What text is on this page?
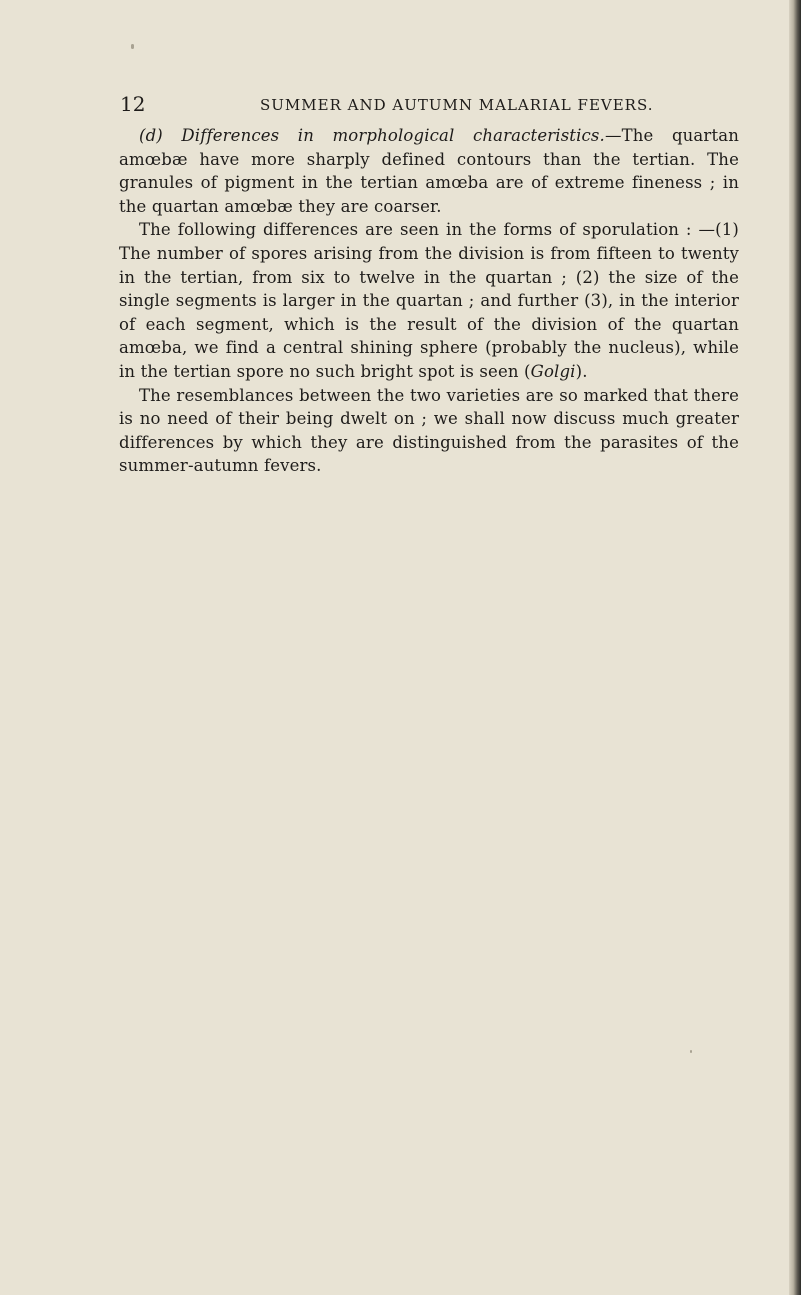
12	SUMMER AND AUTUMN MALARIAL FEVERS.

(d) Differences in morphological characteristics.—The quartan amœbæ have more sharply defined contours than the tertian. The granules of pigment in the tertian amœba are of extreme fineness ; in the quartan amœbæ they are coarser.

The following differences are seen in the forms of sporulation : —(1) The number of spores arising from the division is from fifteen to twenty in the tertian, from six to twelve in the quartan ; (2) the size of the single segments is larger in the quartan ; and further (3), in the interior of each segment, which is the result of the division of the quartan amœba, we find a central shining sphere (probably the nucleus), while in the tertian spore no such bright spot is seen (Golgi).

The resemblances between the two varieties are so marked that there is no need of their being dwelt on ; we shall now discuss much greater differences by which they are distinguished from the parasites of the summer-autumn fevers.
